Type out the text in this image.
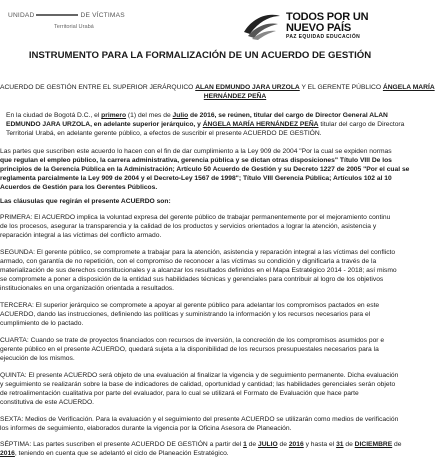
UNIDAD	DE VÍCTIMAS
Territorial Urabá
TODOS POR UN
NUEVO PAÍS
PAZ EQUIDAD EDUCACIÓN
INSTRUMENTO PARA LA FORMALIZACIÓN DE UN ACUERDO DE GESTIÓN
ACUERDO DE GESTIÓN ENTRE EL SUPERIOR JERÁRQUICO ALAN EDMUNDO JARA URZOLA Y EL GERENTE PÚBLICO ÁNGELA MARÍA
HERNÁNDEZ PEÑA
En la ciudad de Bogotá D.C., el primero (1) del mes de Julio de 2016, se reúnen, titular del cargo de Director General ALAN
EDMUNDO JARA URZOLA, en adelante superior jerárquico, y ÁNGELA MARÍA HERNÁNDEZ PEÑA titular del cargo de Directora
Territorial Urabá, en adelante gerente público, a efectos de suscribir el presente ACUERDO DE GESTIÓN.
Las partes que suscriben este acuerdo lo hacen con el fin de dar cumplimiento a la Ley 909 de 2004 "Por la cual se expiden normas
que regulan el empleo público, la carrera administrativa, gerencia pública y se dictan otras disposiciones" Título VIII De los
principios de la Gerencia Pública en la Administración; Artículo 50 Acuerdo de Gestión y su Decreto 1227 de 2005 "Por el cual se
reglamenta parcialmente la Ley 909 de 2004 y el Decreto-Ley 1567 de 1998"; Título VIII Gerencia Pública; Artículos 102 al 10
Acuerdos de Gestión para los Gerentes Públicos.
Las cláusulas que regirán el presente ACUERDO son:
PRIMERA: El ACUERDO implica la voluntad expresa del gerente público de trabajar permanentemente por el mejoramiento continu
de los procesos, asegurar la transparencia y la calidad de los productos y servicios orientados a lograr la atención, asistencia y
reparación integral a las víctimas del conflicto armado.
SEGUNDA: El gerente público, se compromete a trabajar para la atención, asistencia y reparación integral a las víctimas del conflicto
armado, con garantía de no repetición, con el compromiso de reconocer a las víctimas su condición y dignificarla a través de la
materialización de sus derechos constitucionales y a alcanzar los resultados definidos en el Mapa Estratégico 2014 - 2018; así mismo
se compromete a poner a disposición de la entidad sus habilidades técnicas y gerenciales para contribuir al logro de los objetivos
institucionales en una organización orientada a resultados.
TERCERA: El superior jerárquico se compromete a apoyar al gerente público para adelantar los compromisos pactados en este
ACUERDO, dando las instrucciones, definiendo las políticas y suministrando la información y los recursos necesarios para el
cumplimiento de lo pactado.
CUARTA: Cuando se trate de proyectos financiados con recursos de inversión, la concreción de los compromisos asumidos por e
gerente público en el presente ACUERDO, quedará sujeta a la disponibilidad de los recursos presupuestales necesarios para la
ejecución de los mismos.
QUINTA: El presente ACUERDO será objeto de una evaluación al finalizar la vigencia y de seguimiento permanente. Dicha evaluación
y seguimiento se realizarán sobre la base de indicadores de calidad, oportunidad y cantidad; las habilidades gerenciales serán objeto
de retroalimentación cualitativa por parte del evaluador, para lo cual se utilizará el Formato de Evaluación que hace parte
constitutiva de este ACUERDO.
SEXTA: Medios de Verificación. Para la evaluación y el seguimiento del presente ACUERDO se utilizarán como medios de verificación
los informes de seguimiento, elaborados durante la vigencia por la Oficina Asesora de Planeación.
SÉPTIMA: Las partes suscriben el presente ACUERDO DE GESTIÓN a partir del 1 de JULIO de 2016 y hasta el 31 de DICIEMBRE de
2016, teniendo en cuenta que se adelantó el ciclo de Planeación Estratégico.
